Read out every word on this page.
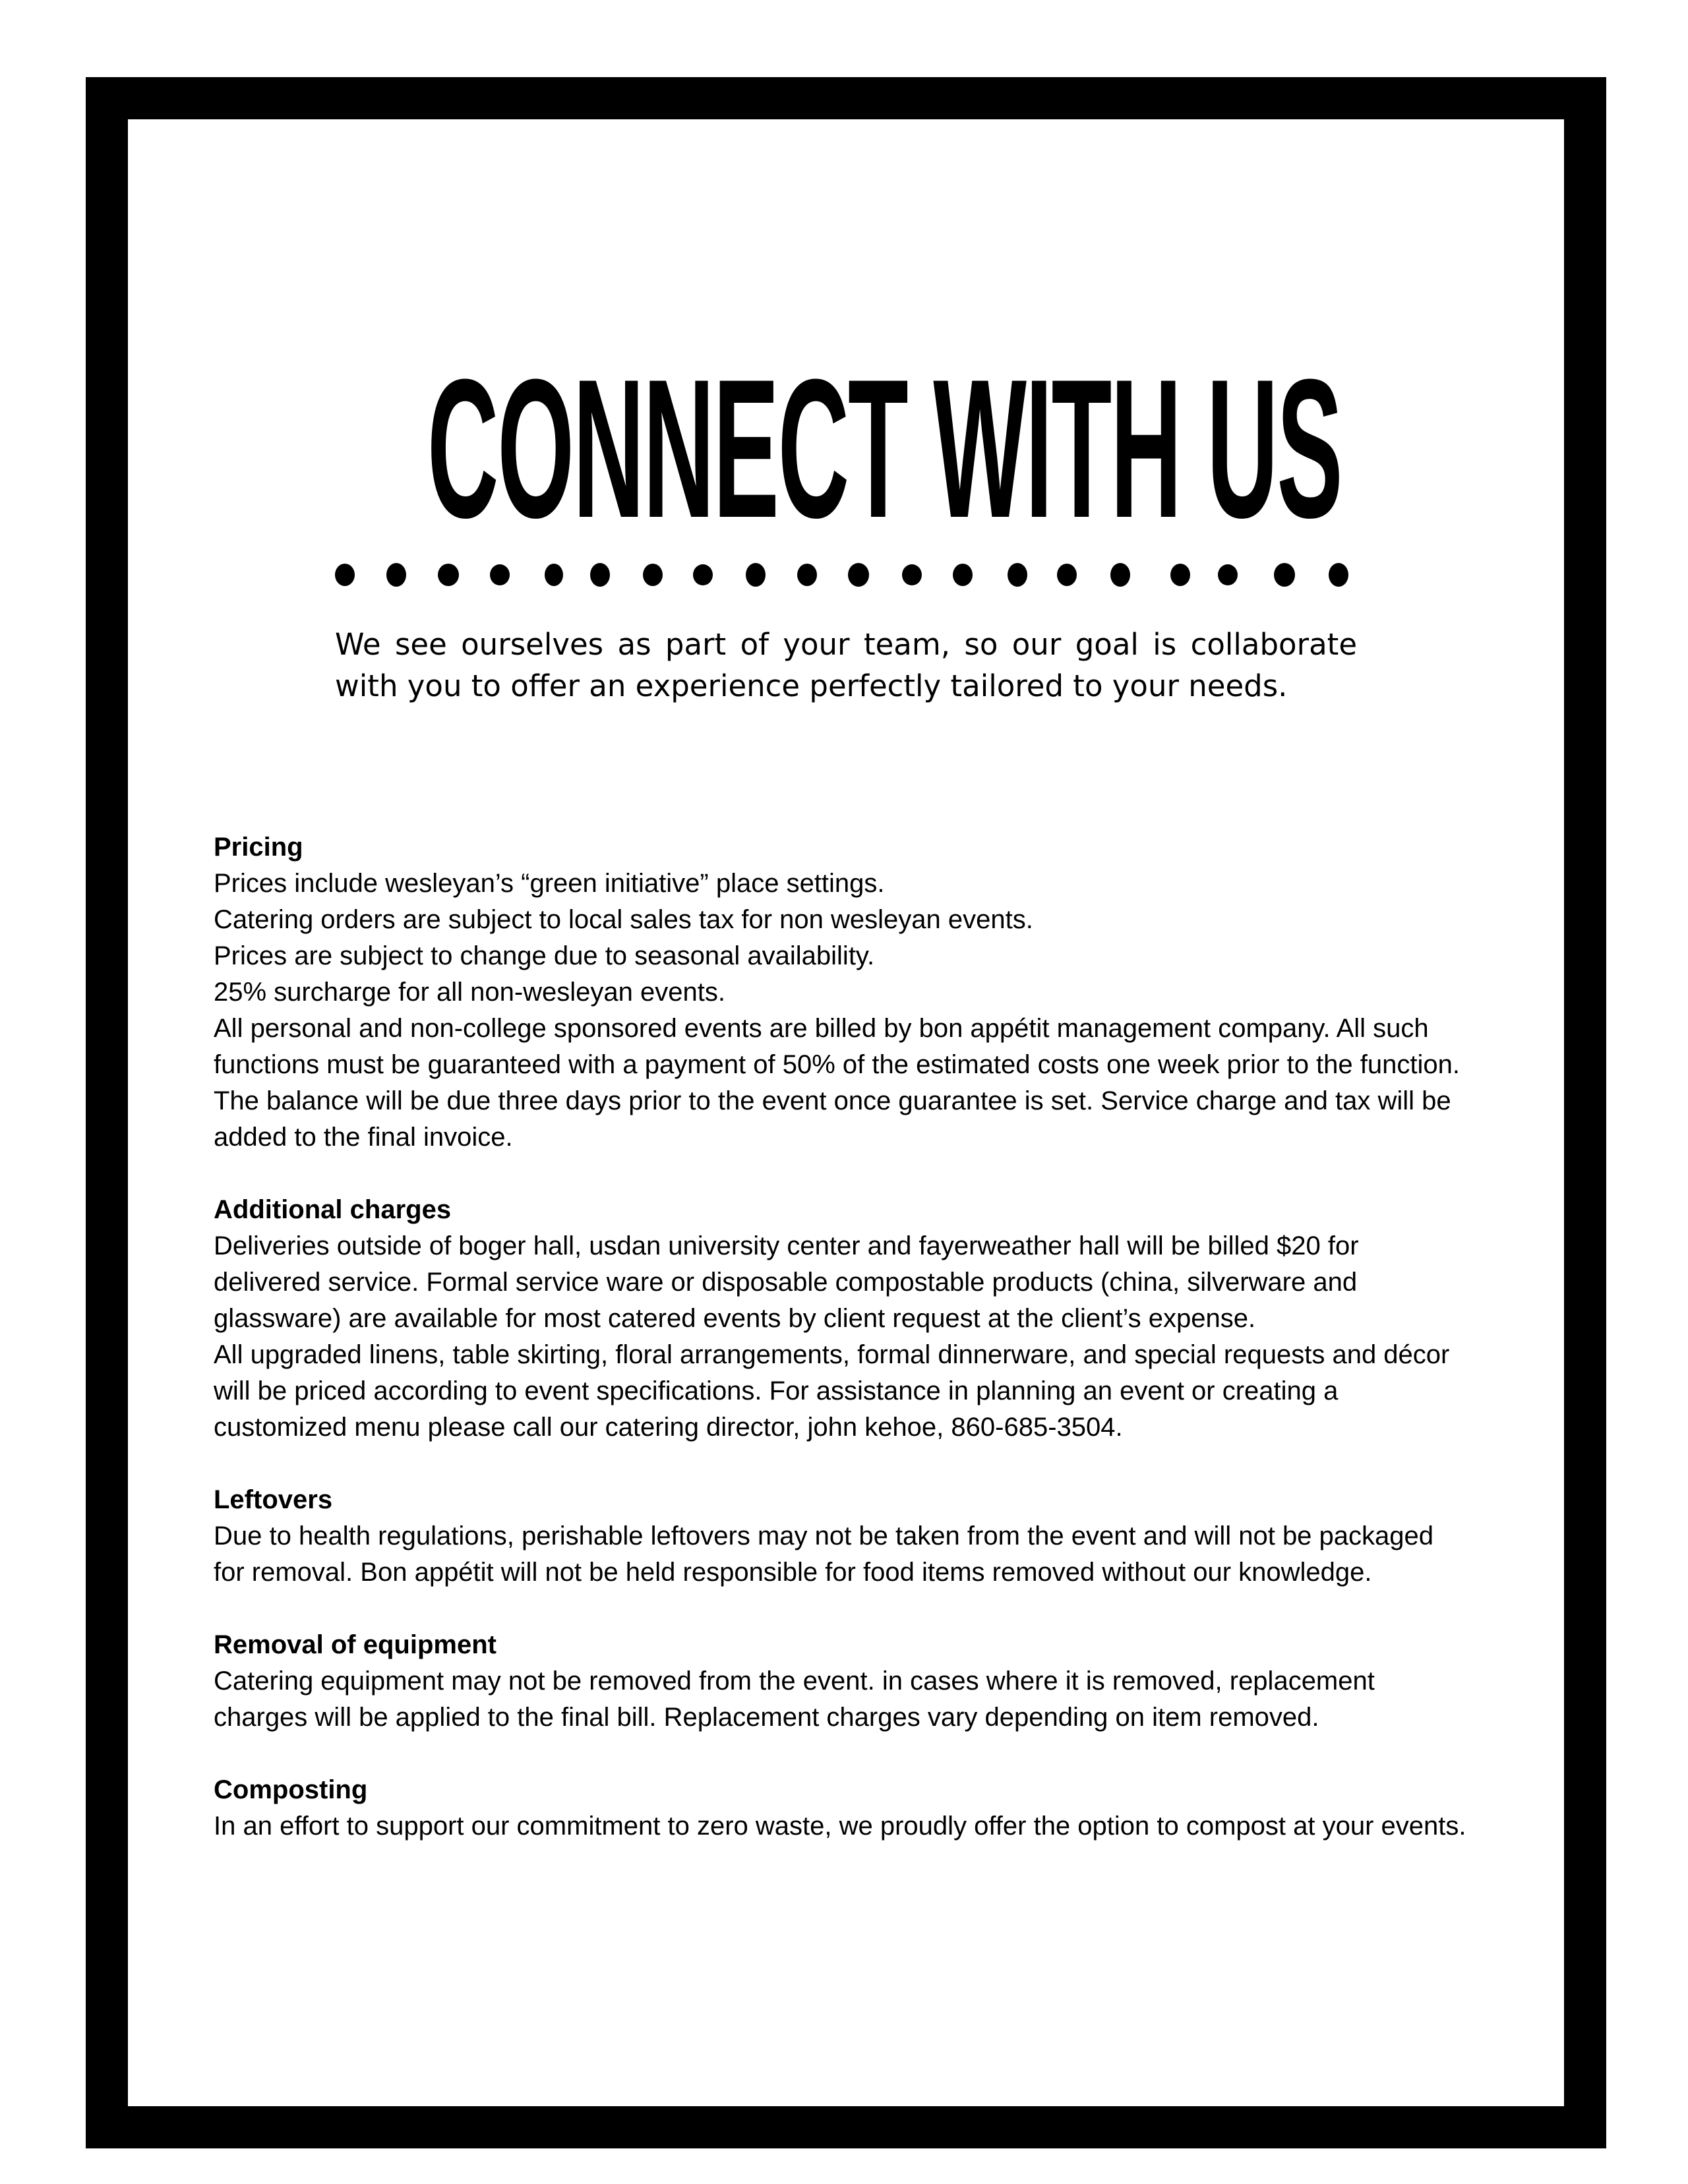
CONNECT WITH US
We see ourselves as part of your team, so our goal is collaborate with you to offer an experience perfectly tailored to your needs.

Pricing

Prices include wesleyan’s “green initiative” place settings.

Catering orders are subject to local sales tax for non wesleyan events.

Prices are subject to change due to seasonal availability.

25% surcharge for all non-wesleyan events.

All personal and non-college sponsored events are billed by bon appétit management company. All such functions must be guaranteed with a payment of 50% of the estimated costs one week prior to the function. The balance will be due three days prior to the event once guarantee is set. Service charge and tax will be added to the final invoice.

Additional charges

Deliveries outside of boger hall, usdan university center and fayerweather hall will be billed $20 for delivered service. Formal service ware or disposable compostable products (china, silverware and glassware) are available for most catered events by client request at the client’s expense.

All upgraded linens, table skirting, floral arrangements, formal dinnerware, and special requests and décor will be priced according to event specifications. For assistance in planning an event or creating a customized menu please call our catering director, john kehoe, 860-685-3504.

Leftovers

Due to health regulations, perishable leftovers may not be taken from the event and will not be packaged for removal. Bon appétit will not be held responsible for food items removed without our knowledge.

Removal of equipment

Catering equipment may not be removed from the event. in cases where it is removed, replacement charges will be applied to the final bill. Replacement charges vary depending on item removed.

Composting

In an effort to support our commitment to zero waste, we proudly offer the option to compost at your events.
